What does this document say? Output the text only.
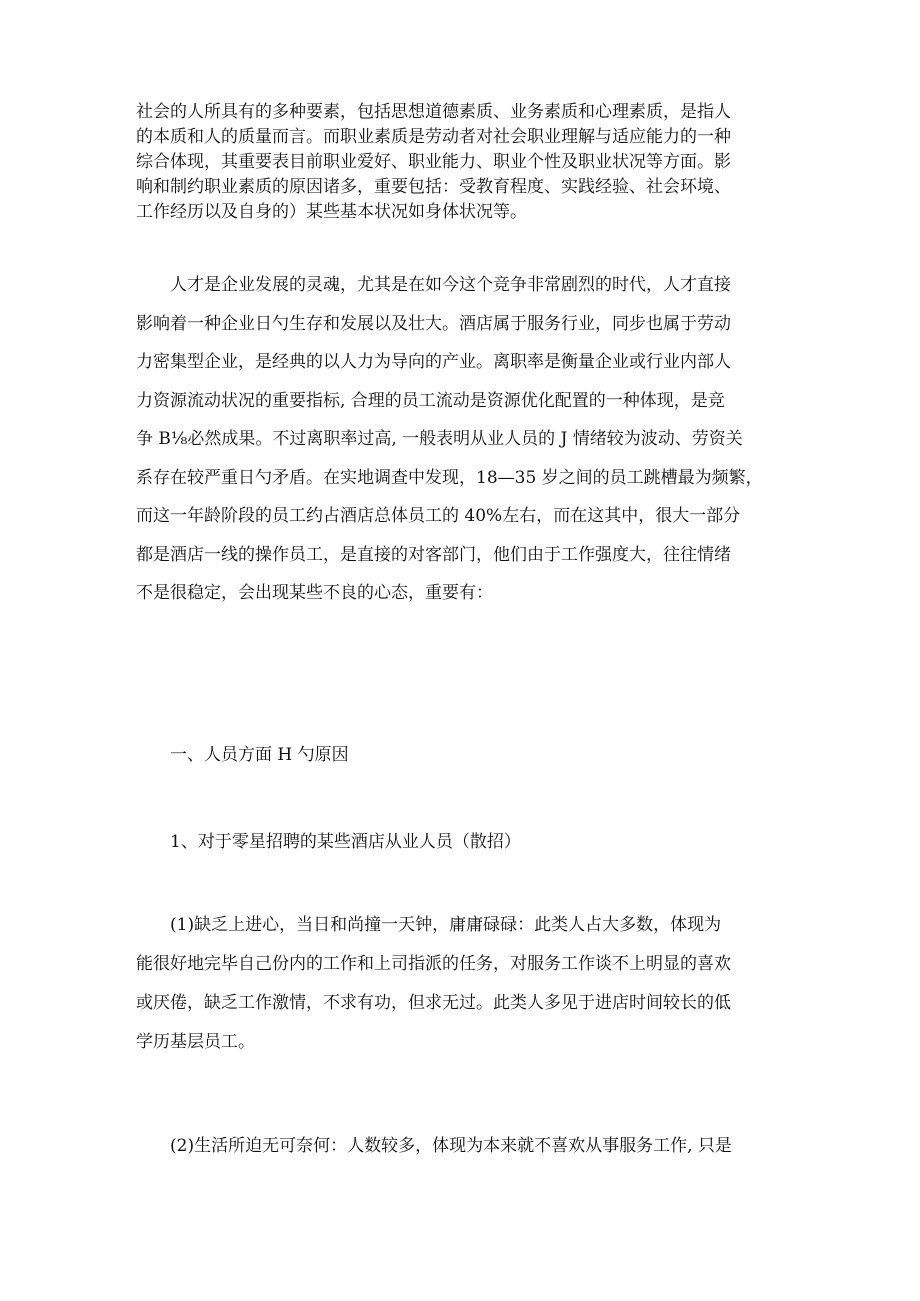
社会的人所具有的多种要素，包括思想道德素质、业务素质和心理素质，是指人
的本质和人的质量而言。而职业素质是劳动者对社会职业理解与适应能力的一种
综合体现，其重要表目前职业爱好、职业能力、职业个性及职业状况等方面。影
响和制约职业素质的原因诸多，重要包括：受教育程度、实践经验、社会环境、
工作经历以及自身的）某些基本状况如身体状况等。
　　人才是企业发展的灵魂，尤其是在如今这个竞争非常剧烈的时代，人才直接
影响着一种企业日勺生存和发展以及壮大。酒店属于服务行业，同步也属于劳动
力密集型企业，是经典的以人力为导向的产业。离职率是衡量企业或行业内部人
力资源流动状况的重要指标, 合理的员工流动是资源优化配置的一种体现，是竞
争 B⅛必然成果。不过离职率过高, 一般表明从业人员的 J 情绪较为波动、劳资关
系存在较严重日勺矛盾。在实地调查中发现，18—35 岁之间的员工跳槽最为频繁，
而这一年龄阶段的员工约占酒店总体员工的 40%左右，而在这其中，很大一部分
都是酒店一线的操作员工，是直接的对客部门，他们由于工作强度大，往往情绪
不是很稳定，会出现某些不良的心态，重要有：
　　一、人员方面 H 勺原因
　　1、对于零星招聘的某些酒店从业人员（散招）
　　(1)缺乏上进心，当日和尚撞一天钟，庸庸碌碌：此类人占大多数，体现为
能很好地完毕自己份内的工作和上司指派的任务，对服务工作谈不上明显的喜欢
或厌倦，缺乏工作激情，不求有功，但求无过。此类人多见于进店时间较长的低
学历基层员工。
　　(2)生活所迫无可奈何：人数较多，体现为本来就不喜欢从事服务工作, 只是
